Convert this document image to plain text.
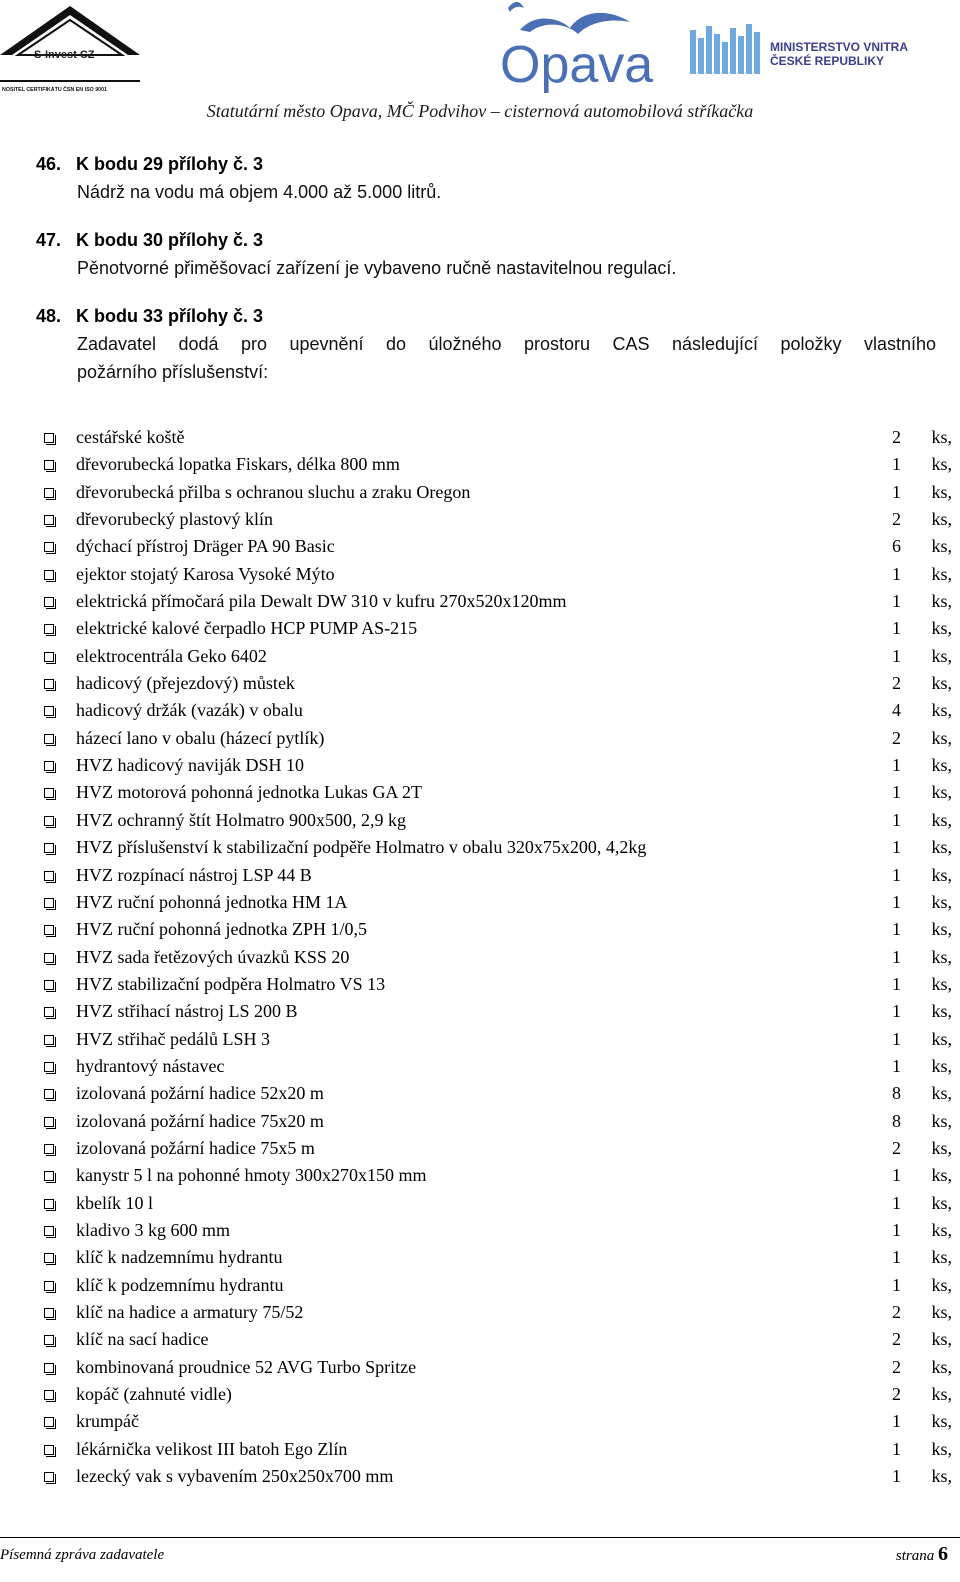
S-Invest CZ
NOSITEL CERTIFIKÁTU ČSN EN ISO 9001	Opava	MINISTERSTVO VNITRA
ČESKÉ REPUBLIKY
Statutární město Opava, MČ Podvihov – cisternová automobilová stříkačka
46. K bodu 29 přílohy č. 3
Nádrž na vodu má objem 4.000 až 5.000 litrů.
47. K bodu 30 přílohy č. 3
Pěnotvorné přiměšovací zařízení je vybaveno ručně nastavitelnou regulací.
48. K bodu 33 přílohy č. 3
Zadavatel dodá pro upevnění do úložného prostoru CAS následující položky vlastního
požárního příslušenství:
cestářské koště	2	ks,
dřevorubecká lopatka Fiskars, délka 800 mm	1	ks,
dřevorubecká přilba s ochranou sluchu a zraku Oregon	1	ks,
dřevorubecký plastový klín	2	ks,
dýchací přístroj Dräger PA 90 Basic	6	ks,
ejektor stojatý Karosa Vysoké Mýto	1	ks,
elektrická přímočará pila Dewalt DW 310 v kufru 270x520x120mm	1	ks,
elektrické kalové čerpadlo HCP PUMP AS-215	1	ks,
elektrocentrála Geko 6402	1	ks,
hadicový (přejezdový) můstek	2	ks,
hadicový držák (vazák) v obalu	4	ks,
házecí lano v obalu (házecí pytlík)	2	ks,
HVZ hadicový naviják DSH 10	1	ks,
HVZ motorová pohonná jednotka Lukas GA 2T	1	ks,
HVZ ochranný štít Holmatro 900x500, 2,9 kg	1	ks,
HVZ příslušenství k stabilizační podpěře Holmatro v obalu 320x75x200, 4,2kg	1	ks,
HVZ rozpínací nástroj LSP 44 B	1	ks,
HVZ ruční pohonná jednotka HM 1A	1	ks,
HVZ ruční pohonná jednotka ZPH 1/0,5	1	ks,
HVZ sada řetězových úvazků KSS 20	1	ks,
HVZ stabilizační podpěra Holmatro VS 13	1	ks,
HVZ střihací nástroj LS 200 B	1	ks,
HVZ střihač pedálů LSH 3	1	ks,
hydrantový nástavec	1	ks,
izolovaná požární hadice 52x20 m	8	ks,
izolovaná požární hadice 75x20 m	8	ks,
izolovaná požární hadice 75x5 m	2	ks,
kanystr 5 l na pohonné hmoty 300x270x150 mm	1	ks,
kbelík 10 l	1	ks,
kladivo 3 kg 600 mm	1	ks,
klíč k nadzemnímu hydrantu	1	ks,
klíč k podzemnímu hydrantu	1	ks,
klíč na hadice a armatury 75/52	2	ks,
klíč na sací hadice	2	ks,
kombinovaná proudnice 52 AVG Turbo Spritze	2	ks,
kopáč (zahnuté vidle)	2	ks,
krumpáč	1	ks,
lékárnička velikost III batoh Ego Zlín	1	ks,
lezecký vak s vybavením 250x250x700 mm	1	ks,
Písemná zpráva zadavatele	strana 6
